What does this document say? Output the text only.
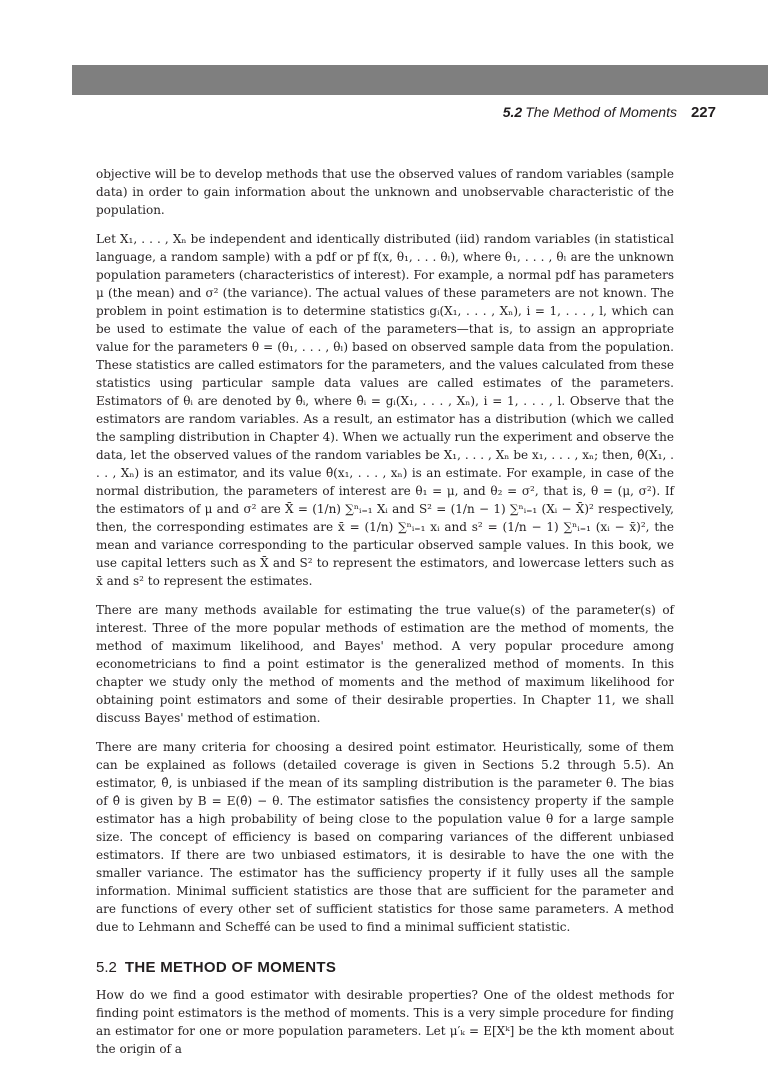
5.2 The Method of Moments 227

objective will be to develop methods that use the observed values of random variables (sample data) in order to gain information about the unknown and unobservable characteristic of the population.

Let X₁, . . . , Xₙ be independent and identically distributed (iid) random variables (in statistical language, a random sample) with a pdf or pf f(x, θ₁, . . . θₗ), where θ₁, . . . , θₗ are the unknown population parameters (characteristics of interest). For example, a normal pdf has parameters μ (the mean) and σ² (the variance). The actual values of these parameters are not known. The problem in point estimation is to determine statistics gᵢ(X₁, . . . , Xₙ), i = 1, . . . , l, which can be used to estimate the value of each of the parameters—that is, to assign an appropriate value for the parameters θ = (θ₁, . . . , θₗ) based on observed sample data from the population. These statistics are called estimators for the parameters, and the values calculated from these statistics using particular sample data values are called estimates of the parameters. Estimators of θᵢ are denoted by θ̂ᵢ, where θ̂ᵢ = gᵢ(X₁, . . . , Xₙ), i = 1, . . . , l. Observe that the estimators are random variables. As a result, an estimator has a distribution (which we called the sampling distribution in Chapter 4). When we actually run the experiment and observe the data, let the observed values of the random variables be X₁, . . . , Xₙ be x₁, . . . , xₙ; then, θ̂(X₁, . . . , Xₙ) is an estimator, and its value θ̂(x₁, . . . , xₙ) is an estimate. For example, in case of the normal distribution, the parameters of interest are θ₁ = μ, and θ₂ = σ², that is, θ = (μ, σ²). If the estimators of μ and σ² are X̄ = (1/n) ∑ⁿᵢ₌₁ Xᵢ and S² = (1/n − 1) ∑ⁿᵢ₌₁ (Xᵢ − X̄)² respectively, then, the corresponding estimates are x̄ = (1/n) ∑ⁿᵢ₌₁ xᵢ and s² = (1/n − 1) ∑ⁿᵢ₌₁ (xᵢ − x̄)², the mean and variance corresponding to the particular observed sample values. In this book, we use capital letters such as X̄ and S² to represent the estimators, and lowercase letters such as x̄ and s² to represent the estimates.

There are many methods available for estimating the true value(s) of the parameter(s) of interest. Three of the more popular methods of estimation are the method of moments, the method of maximum likelihood, and Bayes' method. A very popular procedure among econometricians to find a point estimator is the generalized method of moments. In this chapter we study only the method of moments and the method of maximum likelihood for obtaining point estimators and some of their desirable properties. In Chapter 11, we shall discuss Bayes' method of estimation.

There are many criteria for choosing a desired point estimator. Heuristically, some of them can be explained as follows (detailed coverage is given in Sections 5.2 through 5.5). An estimator, θ̂, is unbiased if the mean of its sampling distribution is the parameter θ. The bias of θ̂ is given by B = E(θ̂) − θ. The estimator satisfies the consistency property if the sample estimator has a high probability of being close to the population value θ for a large sample size. The concept of efficiency is based on comparing variances of the different unbiased estimators. If there are two unbiased estimators, it is desirable to have the one with the smaller variance. The estimator has the sufficiency property if it fully uses all the sample information. Minimal sufficient statistics are those that are sufficient for the parameter and are functions of every other set of sufficient statistics for those same parameters. A method due to Lehmann and Scheffé can be used to find a minimal sufficient statistic.

5.2 THE METHOD OF MOMENTS

How do we find a good estimator with desirable properties? One of the oldest methods for finding point estimators is the method of moments. This is a very simple procedure for finding an estimator for one or more population parameters. Let μ′ₖ = E[Xᵏ] be the kth moment about the origin of a
